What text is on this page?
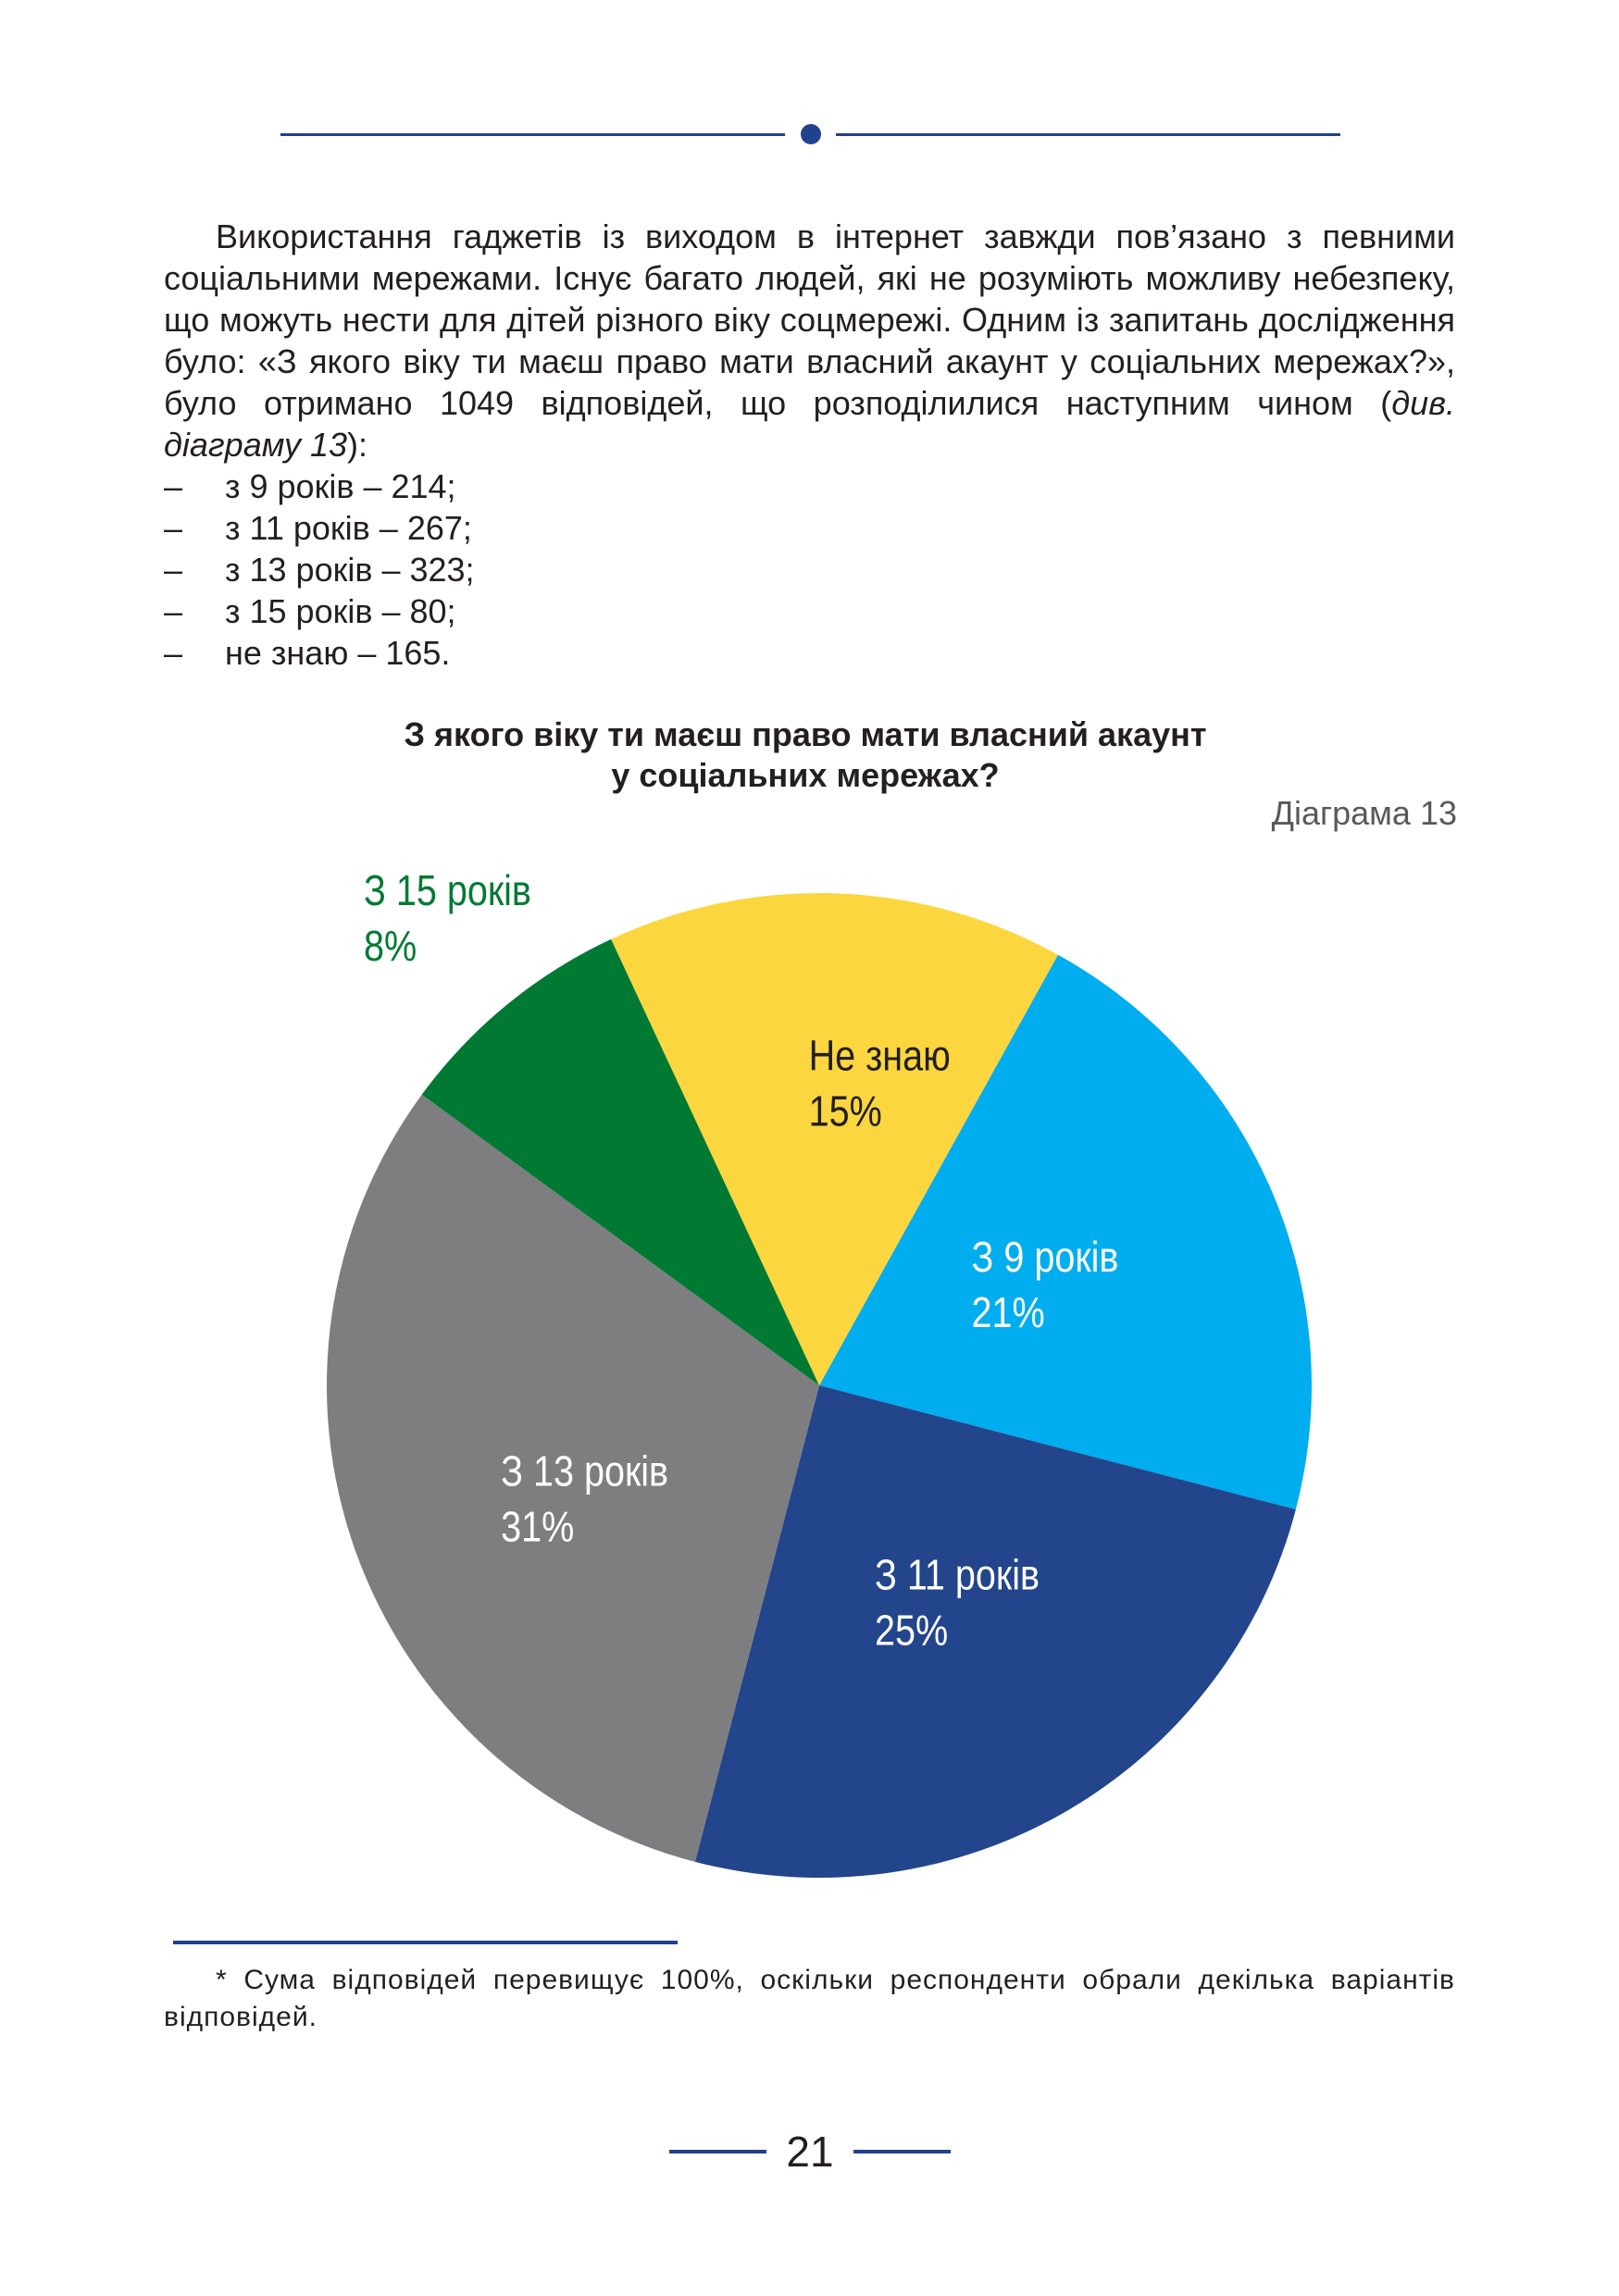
Використання гаджетів із виходом в інтернет завжди пов’язано з певними соціальними мережами. Існує багато людей, які не розуміють можливу небезпеку, що можуть нести для дітей різного віку соцмережі. Одним із запитань дослідження було: «З якого віку ти маєш право мати власний акаунт у соціальних мережах?», було отримано 1049 відповідей, що розподілилися наступним чином (див. діаграму 13):

– з 9 років – 214;
– з 11 років – 267;
– з 13 років – 323;
– з 15 років – 80;
– не знаю – 165.
З якого віку ти маєш право мати власний акаунт
у соціальних мережах?
Діаграма 13
З 9 років
21%
З 11 років
25%
З 13 років
31%
З 15 років
8%
Не знаю
15%
* Сума відповідей перевищує 100%, оскільки респонденти обрали декілька варіантів відповідей.
21
